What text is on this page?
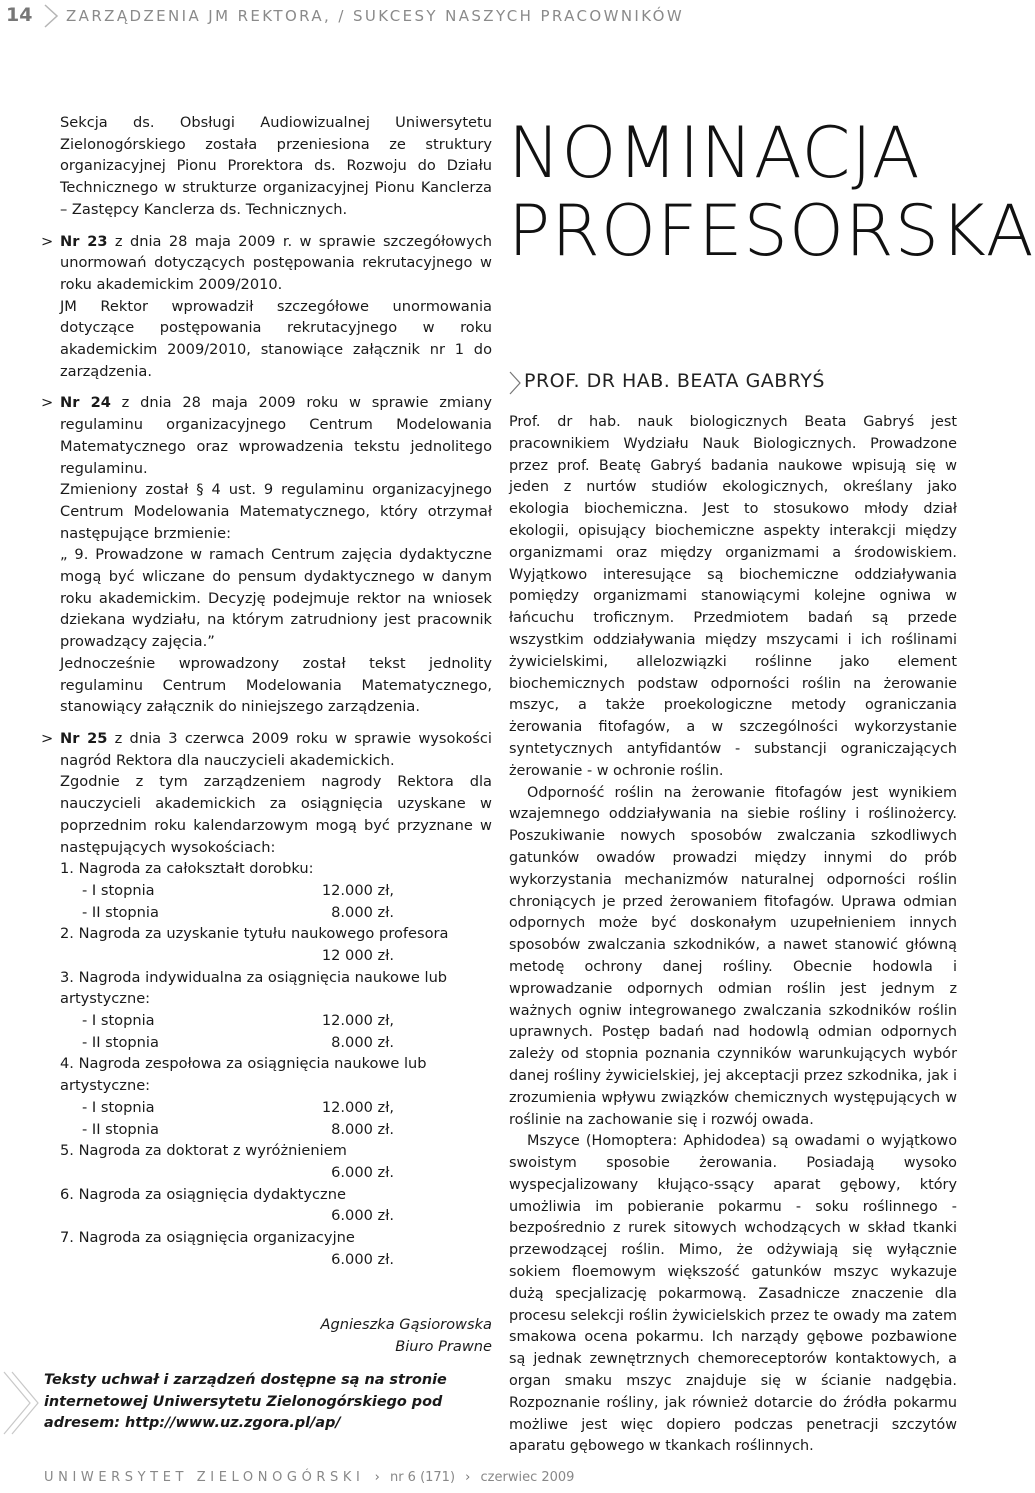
14	ZARZĄDZENIA JM REKTORA, / SUKCESY NASZYCH PRACOWNIKÓW

Sekcja ds. Obsługi Audiowizualnej Uniwersytetu Zielonogórskiego została przeniesiona ze struktury organizacyjnej Pionu Prorektora ds. Rozwoju do Działu Technicznego w strukturze organizacyjnej Pionu Kanclerza – Zastępcy Kanclerza ds. Technicznych.

> Nr 23 z dnia 28 maja 2009 r. w sprawie szczegółowych unormowań dotyczących postępowania rekrutacyjnego w roku akademickim 2009/2010.

JM Rektor wprowadził szczegółowe unormowania dotyczące postępowania rekrutacyjnego w roku akademickim 2009/2010, stanowiące załącznik nr 1 do zarządzenia.

> Nr 24 z dnia 28 maja 2009 roku w sprawie zmiany regulaminu organizacyjnego Centrum Modelowania Matematycznego oraz wprowadzenia tekstu jednolitego regulaminu.

Zmieniony został § 4 ust. 9 regulaminu organizacyjnego Centrum Modelowania Matematycznego, który otrzymał następujące brzmienie:

„ 9. Prowadzone w ramach Centrum zajęcia dydaktyczne mogą być wliczane do pensum dydaktycznego w danym roku akademickim. Decyzję podejmuje rektor na wniosek dziekana wydziału, na którym zatrudniony jest pracownik prowadzący zajęcia.”

Jednocześnie wprowadzony został tekst jednolity regulaminu Centrum Modelowania Matematycznego, stanowiący załącznik do niniejszego zarządzenia.

> Nr 25 z dnia 3 czerwca 2009 roku w sprawie wysokości nagród Rektora dla nauczycieli akademickich.

Zgodnie z tym zarządzeniem nagrody Rektora dla nauczycieli akademickich za osiągnięcia uzyskane w poprzednim roku kalendarzowym mogą być przyznane w następujących wysokościach:

1. Nagroda za całokształt dorobku:
- I stopnia	12.000 zł,
- II stopnia	8.000 zł.
2. Nagroda za uzyskanie tytułu naukowego profesora
12 000 zł.
3. Nagroda indywidualna za osiągnięcia naukowe lub artystyczne:
- I stopnia	12.000 zł,
- II stopnia	8.000 zł.
4. Nagroda zespołowa za osiągnięcia naukowe lub artystyczne:
- I stopnia	12.000 zł,
- II stopnia	8.000 zł.
5. Nagroda za doktorat z wyróżnieniem
6.000 zł.
6. Nagroda za osiągnięcia dydaktyczne
6.000 zł.
7. Nagroda za osiągnięcia organizacyjne
6.000 zł.

Agnieszka Gąsiorowska

Biuro Prawne

Teksty uchwał i zarządzeń dostępne są na stronie internetowej Uniwersytetu Zielonogórskiego pod adresem: http://www.uz.zgora.pl/ap/
NOMINACJA
PROFESORSKA
PROF. DR HAB. BEATA GABRYŚ

Prof. dr hab. nauk biologicznych Beata Gabryś jest pracownikiem Wydziału Nauk Biologicznych. Prowadzone przez prof. Beatę Gabryś badania naukowe wpisują się w jeden z nurtów studiów ekologicznych, określany jako ekologia biochemiczna. Jest to stosukowo młody dział ekologii, opisujący biochemiczne aspekty interakcji między organizmami oraz między organizmami a środowiskiem. Wyjątkowo interesujące są biochemiczne oddziaływania pomiędzy organizmami stanowiącymi kolejne ogniwa w łańcuchu troficznym. Przedmiotem badań są przede wszystkim oddziaływania między mszycami i ich roślinami żywicielskimi, allelozwiązki roślinne jako element biochemicznych podstaw odporności roślin na żerowanie mszyc, a także proekologiczne metody ograniczania żerowania fitofagów, a w szczególności wykorzystanie syntetycznych antyfidantów - substancji ograniczających żerowanie - w ochronie roślin.

Odporność roślin na żerowanie fitofagów jest wynikiem wzajemnego oddziaływania na siebie rośliny i roślinożercy. Poszukiwanie nowych sposobów zwalczania szkodliwych gatunków owadów prowadzi między innymi do prób wykorzystania mechanizmów naturalnej odporności roślin chroniących je przed żerowaniem fitofagów. Uprawa odmian odpornych może być doskonałym uzupełnieniem innych sposobów zwalczania szkodników, a nawet stanowić główną metodę ochrony danej rośliny. Obecnie hodowla i wprowadzanie odpornych odmian roślin jest jednym z ważnych ogniw integrowanego zwalczania szkodników roślin uprawnych. Postęp badań nad hodowlą odmian odpornych zależy od stopnia poznania czynników warunkujących wybór danej rośliny żywicielskiej, jej akceptacji przez szkodnika, jak i zrozumienia wpływu związków chemicznych występujących w roślinie na zachowanie się i rozwój owada.

Mszyce (Homoptera: Aphidodea) są owadami o wyjątkowo swoistym sposobie żerowania. Posiadają wysoko wyspecjalizowany kłująco-ssący aparat gębowy, który umożliwia im pobieranie pokarmu - soku roślinnego - bezpośrednio z rurek sitowych wchodzących w skład tkanki przewodzącej roślin. Mimo, że odżywiają się wyłącznie sokiem floemowym większość gatunków mszyc wykazuje dużą specjalizację pokarmową. Zasadnicze znaczenie dla procesu selekcji roślin żywicielskich przez te owady ma zatem smakowa ocena pokarmu. Ich narządy gębowe pozbawione są jednak zewnętrznych chemoreceptorów kontaktowych, a organ smaku mszyc znajduje się w ścianie nadgębia. Rozpoznanie rośliny, jak również dotarcie do źródła pokarmu możliwe jest więc dopiero podczas penetracji szczytów aparatu gębowego w tkankach roślinnych.

UNIWERSYTET ZIELONOGÓRSKI › nr 6 (171) › czerwiec 2009
